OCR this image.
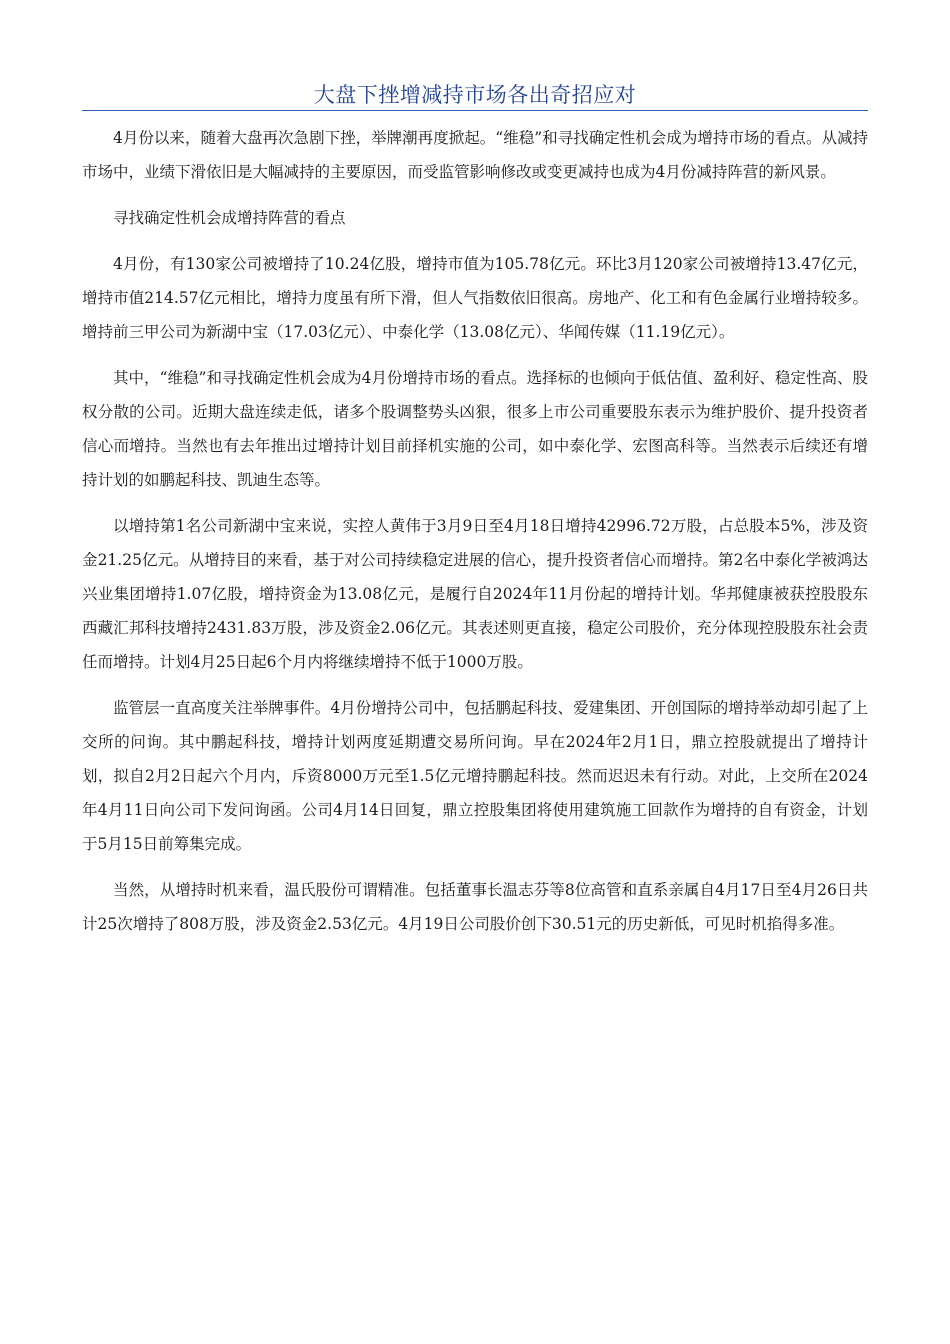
大盘下挫增减持市场各出奇招应对

4月份以来，随着大盘再次急剧下挫，举牌潮再度掀起。“维稳”和寻找确定性机会成为增持市场的看点。从减持市场中，业绩下滑依旧是大幅减持的主要原因，而受监管影响修改或变更减持也成为4月份减持阵营的新风景。

寻找确定性机会成增持阵营的看点

4月份，有130家公司被增持了10.24亿股，增持市值为105.78亿元。环比3月120家公司被增持13.47亿元，增持市值214.57亿元相比，增持力度虽有所下滑，但人气指数依旧很高。房地产、化工和有色金属行业增持较多。增持前三甲公司为新湖中宝（17.03亿元）、中泰化学（13.08亿元）、华闻传媒（11.19亿元）。

其中，“维稳”和寻找确定性机会成为4月份增持市场的看点。选择标的也倾向于低估值、盈利好、稳定性高、股权分散的公司。近期大盘连续走低，诸多个股调整势头凶狠，很多上市公司重要股东表示为维护股价、提升投资者信心而增持。当然也有去年推出过增持计划目前择机实施的公司，如中泰化学、宏图高科等。当然表示后续还有增持计划的如鹏起科技、凯迪生态等。

以增持第1名公司新湖中宝来说，实控人黄伟于3月9日至4月18日增持42996.72万股，占总股本5%，涉及资金21.25亿元。从增持目的来看，基于对公司持续稳定进展的信心，提升投资者信心而增持。第2名中泰化学被鸿达兴业集团增持1.07亿股，增持资金为13.08亿元，是履行自2024年11月份起的增持计划。华邦健康被获控股股东西藏汇邦科技增持2431.83万股，涉及资金2.06亿元。其表述则更直接，稳定公司股价，充分体现控股股东社会责任而增持。计划4月25日起6个月内将继续增持不低于1000万股。

监管层一直高度关注举牌事件。4月份增持公司中，包括鹏起科技、爱建集团、开创国际的增持举动却引起了上交所的问询。其中鹏起科技，增持计划两度延期遭交易所问询。早在2024年2月1日，鼎立控股就提出了增持计划，拟自2月2日起六个月内，斥资8000万元至1.5亿元增持鹏起科技。然而迟迟未有行动。对此，上交所在2024年4月11日向公司下发问询函。公司4月14日回复，鼎立控股集团将使用建筑施工回款作为增持的自有资金，计划于5月15日前筹集完成。

当然，从增持时机来看，温氏股份可谓精准。包括董事长温志芬等8位高管和直系亲属自4月17日至4月26日共计25次增持了808万股，涉及资金2.53亿元。4月19日公司股价创下30.51元的历史新低，可见时机掐得多准。
